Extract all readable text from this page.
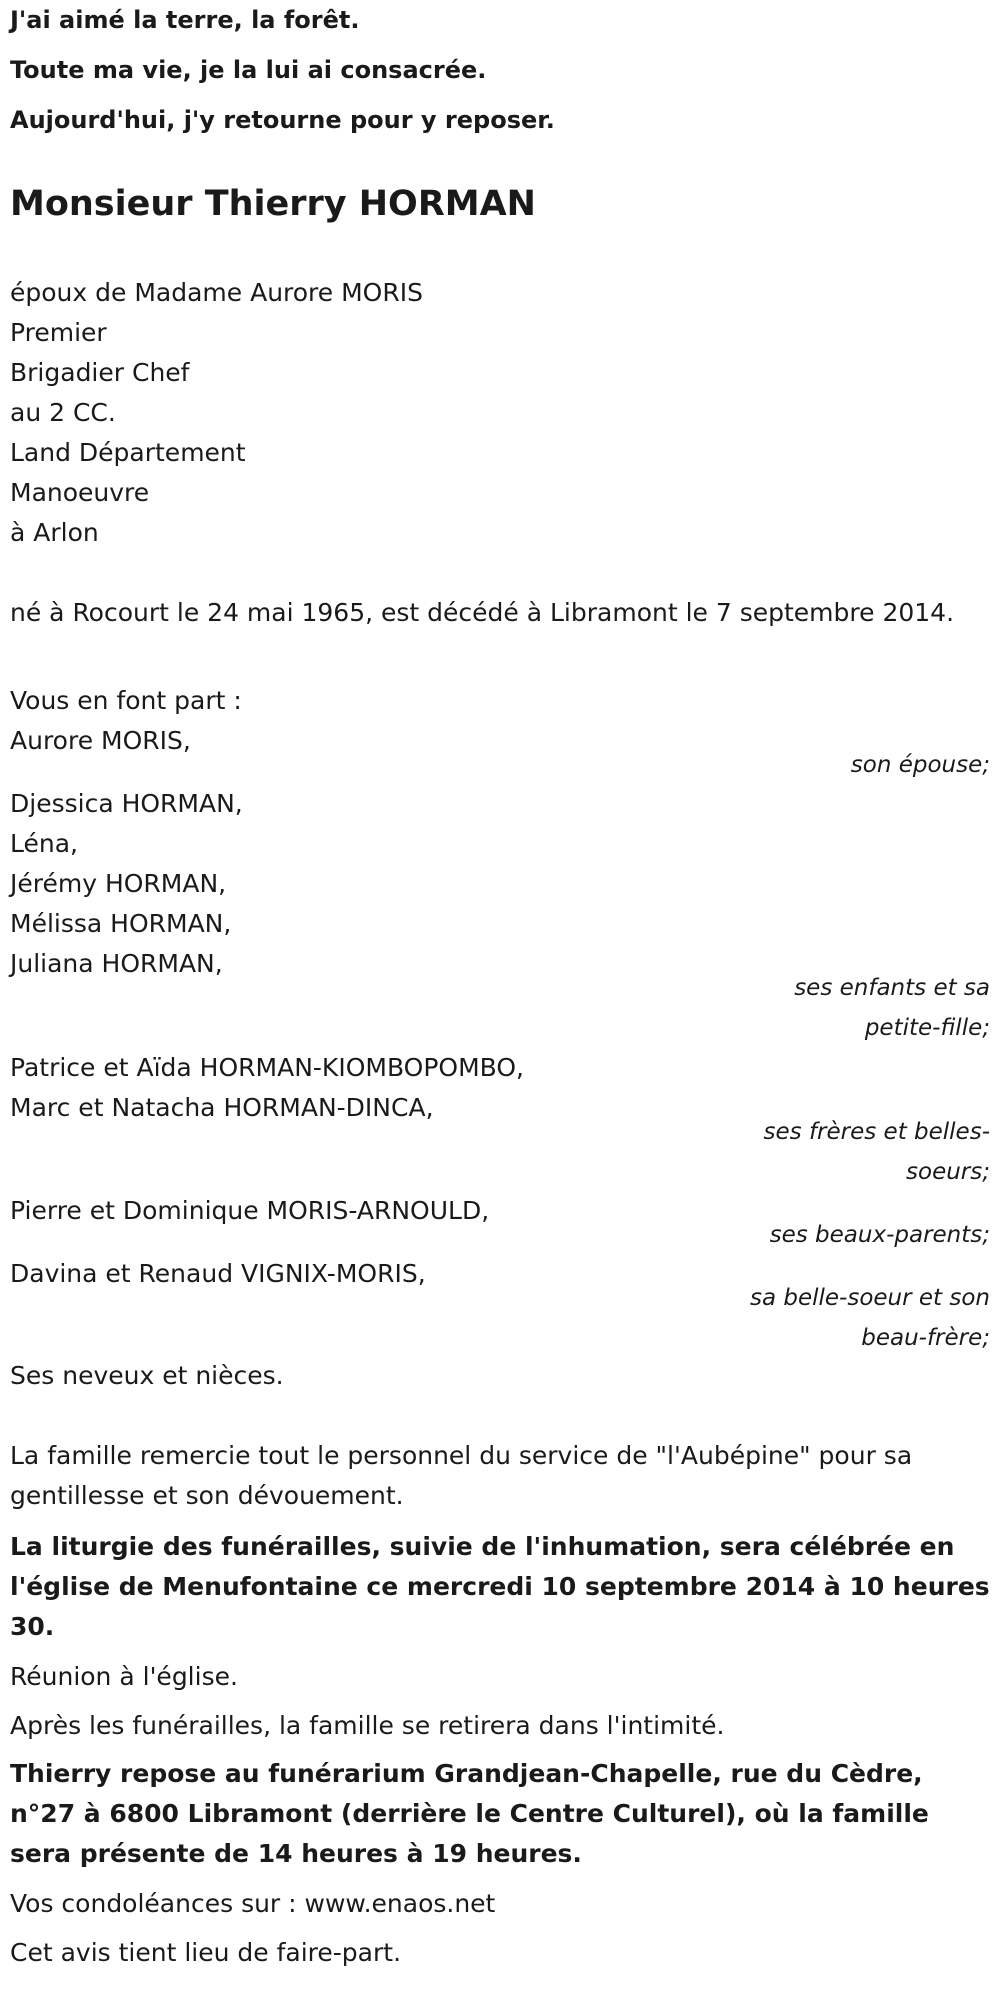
J'ai aimé la terre, la forêt.
Toute ma vie, je la lui ai consacrée.
Aujourd'hui, j'y retourne pour y reposer.
Monsieur Thierry HORMAN
époux de Madame Aurore MORIS
Premier
Brigadier Chef
au 2 CC.
Land Département
Manoeuvre
à Arlon
né à Rocourt le 24 mai 1965, est décédé à Libramont le 7 septembre 2014.
Vous en font part :
Aurore MORIS,
son épouse;
Djessica HORMAN,
Léna,
Jérémy HORMAN,
Mélissa HORMAN,
Juliana HORMAN,
ses enfants et sa petite-fille;
Patrice et Aïda HORMAN-KIOMBOPOMBO,
Marc et Natacha HORMAN-DINCA,
ses frères et belles-soeurs;
Pierre et Dominique MORIS-ARNOULD,
ses beaux-parents;
Davina et Renaud VIGNIX-MORIS,
sa belle-soeur et son beau-frère;
Ses neveux et nièces.
La famille remercie tout le personnel du service de "l'Aubépine" pour sa gentillesse et son dévouement.
La liturgie des funérailles, suivie de l'inhumation, sera célébrée en l'église de Menufontaine ce mercredi 10 septembre 2014 à 10 heures 30.
Réunion à l'église.
Après les funérailles, la famille se retirera dans l'intimité.
Thierry repose au funérarium Grandjean-Chapelle, rue du Cèdre, n°27 à 6800 Libramont (derrière le Centre Culturel), où la famille sera présente de 14 heures à 19 heures.
Vos condoléances sur : www.enaos.net
Cet avis tient lieu de faire-part.
